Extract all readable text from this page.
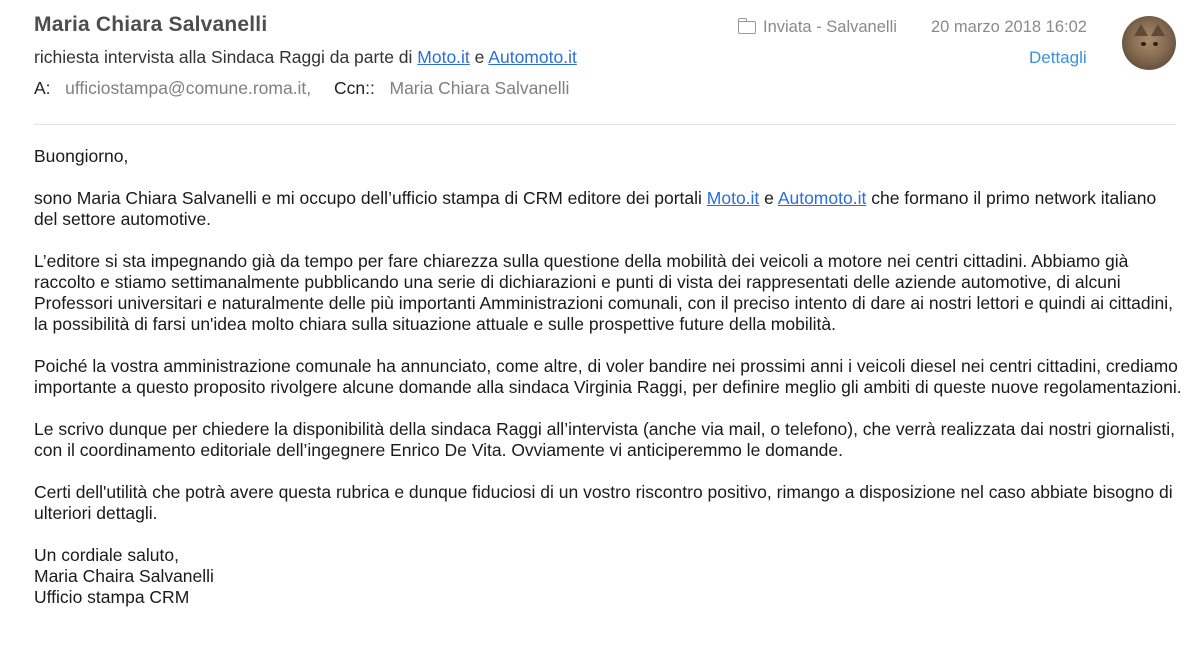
Maria Chiara Salvanelli
richiesta intervista alla Sindaca Raggi da parte di Moto.it e Automoto.it
A: ufficiostampa@comune.roma.it, Ccn:: Maria Chiara Salvanelli
Inviata - Salvanelli 20 marzo 2018 16:02
Dettagli

Buongiorno,

sono Maria Chiara Salvanelli e mi occupo dell’ufficio stampa di CRM editore dei portali Moto.it e Automoto.it che formano il primo network italiano del settore automotive.

L’editore si sta impegnando già da tempo per fare chiarezza sulla questione della mobilità dei veicoli a motore nei centri cittadini. Abbiamo già raccolto e stiamo settimanalmente pubblicando una serie di dichiarazioni e punti di vista dei rappresentati delle aziende automotive, di alcuni Professori universitari e naturalmente delle più importanti Amministrazioni comunali, con il preciso intento di dare ai nostri lettori e quindi ai cittadini, la possibilità di farsi un'idea molto chiara sulla situazione attuale e sulle prospettive future della mobilità.

Poiché la vostra amministrazione comunale ha annunciato, come altre, di voler bandire nei prossimi anni i veicoli diesel nei centri cittadini, crediamo importante a questo proposito rivolgere alcune domande alla sindaca Virginia Raggi, per definire meglio gli ambiti di queste nuove regolamentazioni.

Le scrivo dunque per chiedere la disponibilità della sindaca Raggi all’intervista (anche via mail, o telefono), che verrà realizzata dai nostri giornalisti, con il coordinamento editoriale dell’ingegnere Enrico De Vita. Ovviamente vi anticiperemmo le domande.

Certi dell'utilità che potrà avere questa rubrica e dunque fiduciosi di un vostro riscontro positivo, rimango a disposizione nel caso abbiate bisogno di ulteriori dettagli.

Un cordiale saluto,

Maria Chaira Salvanelli

Ufficio stampa CRM
